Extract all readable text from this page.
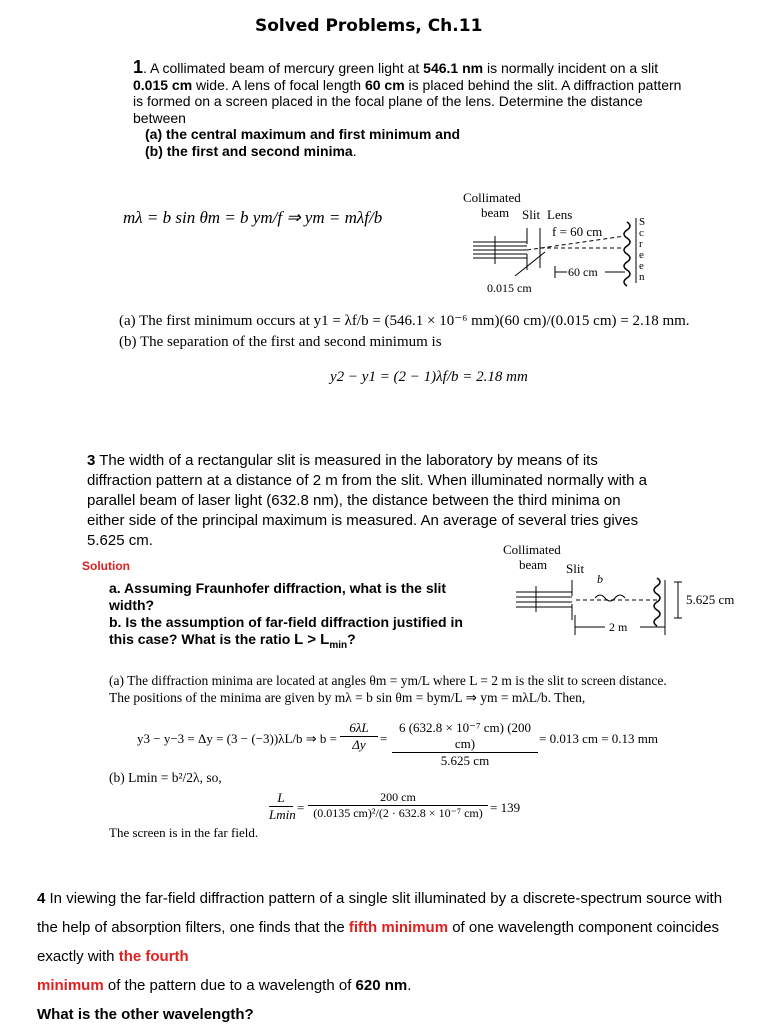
Solved Problems, Ch.11
1. A collimated beam of mercury green light at 546.1 nm is normally incident on a slit 0.015 cm wide. A lens of focal length 60 cm is placed behind the slit. A diffraction pattern is formed on a screen placed in the focal plane of the lens. Determine the distance between
(a) the central maximum and first minimum and
(b) the first and second minima.
mλ = b sin θm = b ym/f ⇒ ym = mλf/b
Collimated
beam Slit Lens
f = 60 cm
60 cm
0.015 cm
S
c
r
e
e
n
(a) The first minimum occurs at y1 = λf/b = (546.1 × 10⁻⁶ mm)(60 cm)/(0.015 cm) = 2.18 mm.
(b) The separation of the first and second minimum is
y2 − y1 = (2 − 1)λf/b = 2.18 mm
3 The width of a rectangular slit is measured in the laboratory by means of its diffraction pattern at a distance of 2 m from the slit. When illuminated normally with a parallel beam of laser light (632.8 nm), the distance between the third minima on either side of the principal maximum is measured. An average of several tries gives 5.625 cm.
Solution
a. Assuming Fraunhofer diffraction, what is the slit width?
b. Is the assumption of far-field diffraction justified in this case? What is the ratio $L > L_{min}$?
Collimated
beam Slit
b
5.625 cm
2 m
(a) The diffraction minima are located at angles θm = ym/L where L = 2 m is the slit to screen distance.
The positions of the minima are given by mλ = b sin θm = bym/L ⇒ ym = mλL/b. Then,
y3 − y−3 = Δy = (3 − (−3))λL/b ⇒ b =
6λL
Δy	=
6 (632.8 × 10⁻⁷ cm) (200 cm)
5.625 cm
= 0.013 cm = 0.13 mm
(b) Lmin = b²/2λ, so,
L
Lmin =
200 cm
(0.0135 cm)²/(2 · 632.8 × 10⁻⁷ cm) = 139
The screen is in the far field.
4 In viewing the far-field diffraction pattern of a single slit illuminated by a discrete-spectrum source with the help of absorption filters, one finds that the fifth minimum of one wavelength component coincides exactly with the fourth
minimum of the pattern due to a wavelength of 620 nm.
What is the other wavelength?
